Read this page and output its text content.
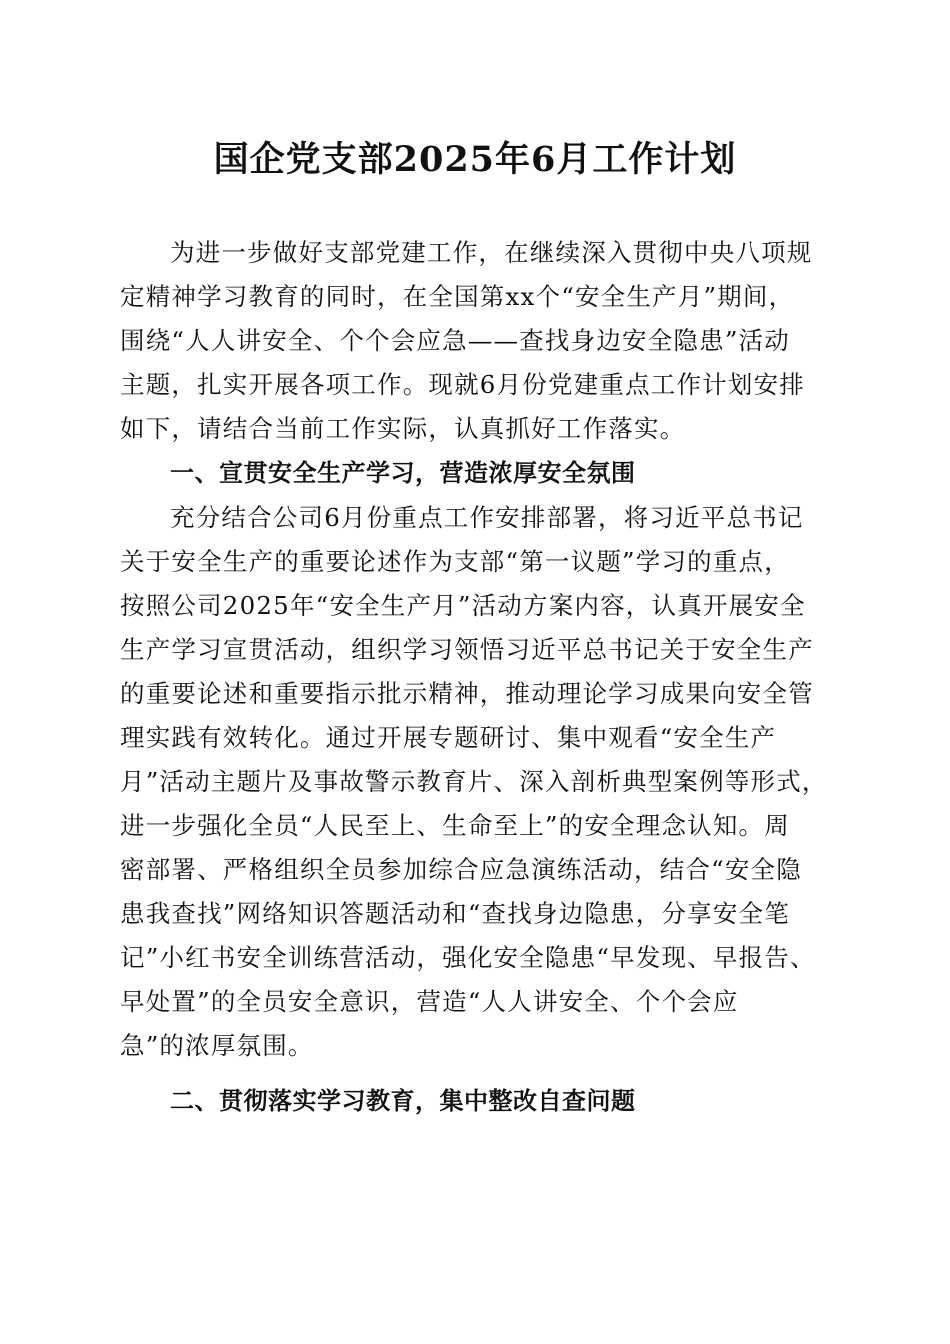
国企党支部2025年6月工作计划

为进一步做好支部党建工作，在继续深入贯彻中央八项规

定精神学习教育的同时，在全国第xx个“安全生产月”期间，

围绕“人人讲安全、个个会应急——查找身边安全隐患”活动

主题，扎实开展各项工作。现就6月份党建重点工作计划安排

如下，请结合当前工作实际，认真抓好工作落实。

一、宣贯安全生产学习，营造浓厚安全氛围

充分结合公司6月份重点工作安排部署，将习近平总书记

关于安全生产的重要论述作为支部“第一议题”学习的重点，

按照公司2025年“安全生产月”活动方案内容，认真开展安全

生产学习宣贯活动，组织学习领悟习近平总书记关于安全生产

的重要论述和重要指示批示精神，推动理论学习成果向安全管

理实践有效转化。通过开展专题研讨、集中观看“安全生产

月”活动主题片及事故警示教育片、深入剖析典型案例等形式，

进一步强化全员“人民至上、生命至上”的安全理念认知。周

密部署、严格组织全员参加综合应急演练活动，结合“安全隐

患我查找”网络知识答题活动和“查找身边隐患，分享安全笔

记”小红书安全训练营活动，强化安全隐患“早发现、早报告、

早处置”的全员安全意识，营造“人人讲安全、个个会应

急”的浓厚氛围。

二、贯彻落实学习教育，集中整改自查问题
